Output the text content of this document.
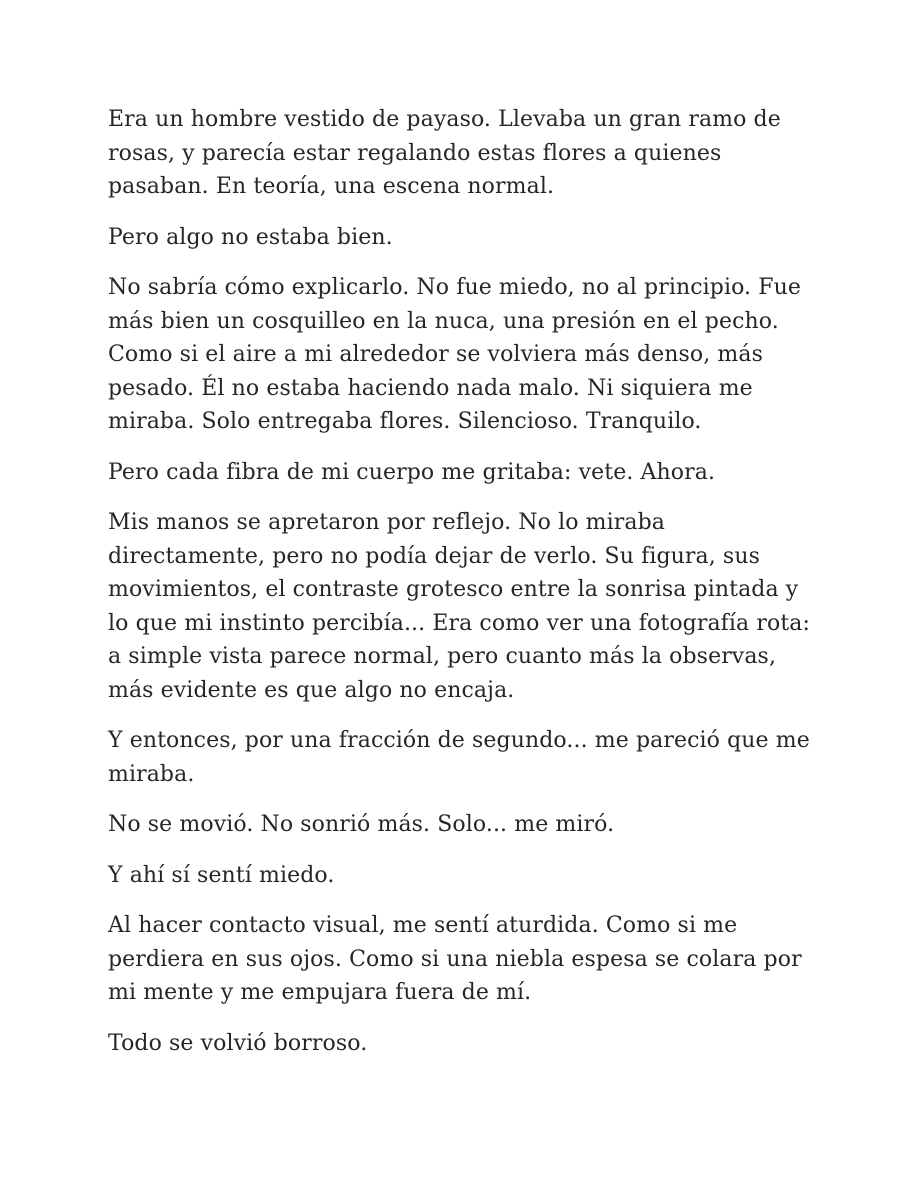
Era un hombre vestido de payaso. Llevaba un gran ramo de rosas, y parecía estar regalando estas flores a quienes pasaban. En teoría, una escena normal.

Pero algo no estaba bien.

No sabría cómo explicarlo. No fue miedo, no al principio. Fue más bien un cosquilleo en la nuca, una presión en el pecho. Como si el aire a mi alrededor se volviera más denso, más pesado. Él no estaba haciendo nada malo. Ni siquiera me miraba. Solo entregaba flores. Silencioso. Tranquilo.

Pero cada fibra de mi cuerpo me gritaba: vete. Ahora.

Mis manos se apretaron por reflejo. No lo miraba directamente, pero no podía dejar de verlo. Su figura, sus movimientos, el contraste grotesco entre la sonrisa pintada y lo que mi instinto percibía... Era como ver una fotografía rota: a simple vista parece normal, pero cuanto más la observas, más evidente es que algo no encaja.

Y entonces, por una fracción de segundo... me pareció que me miraba.

No se movió. No sonrió más. Solo... me miró.

Y ahí sí sentí miedo.

Al hacer contacto visual, me sentí aturdida. Como si me perdiera en sus ojos. Como si una niebla espesa se colara por mi mente y me empujara fuera de mí.

Todo se volvió borroso.
